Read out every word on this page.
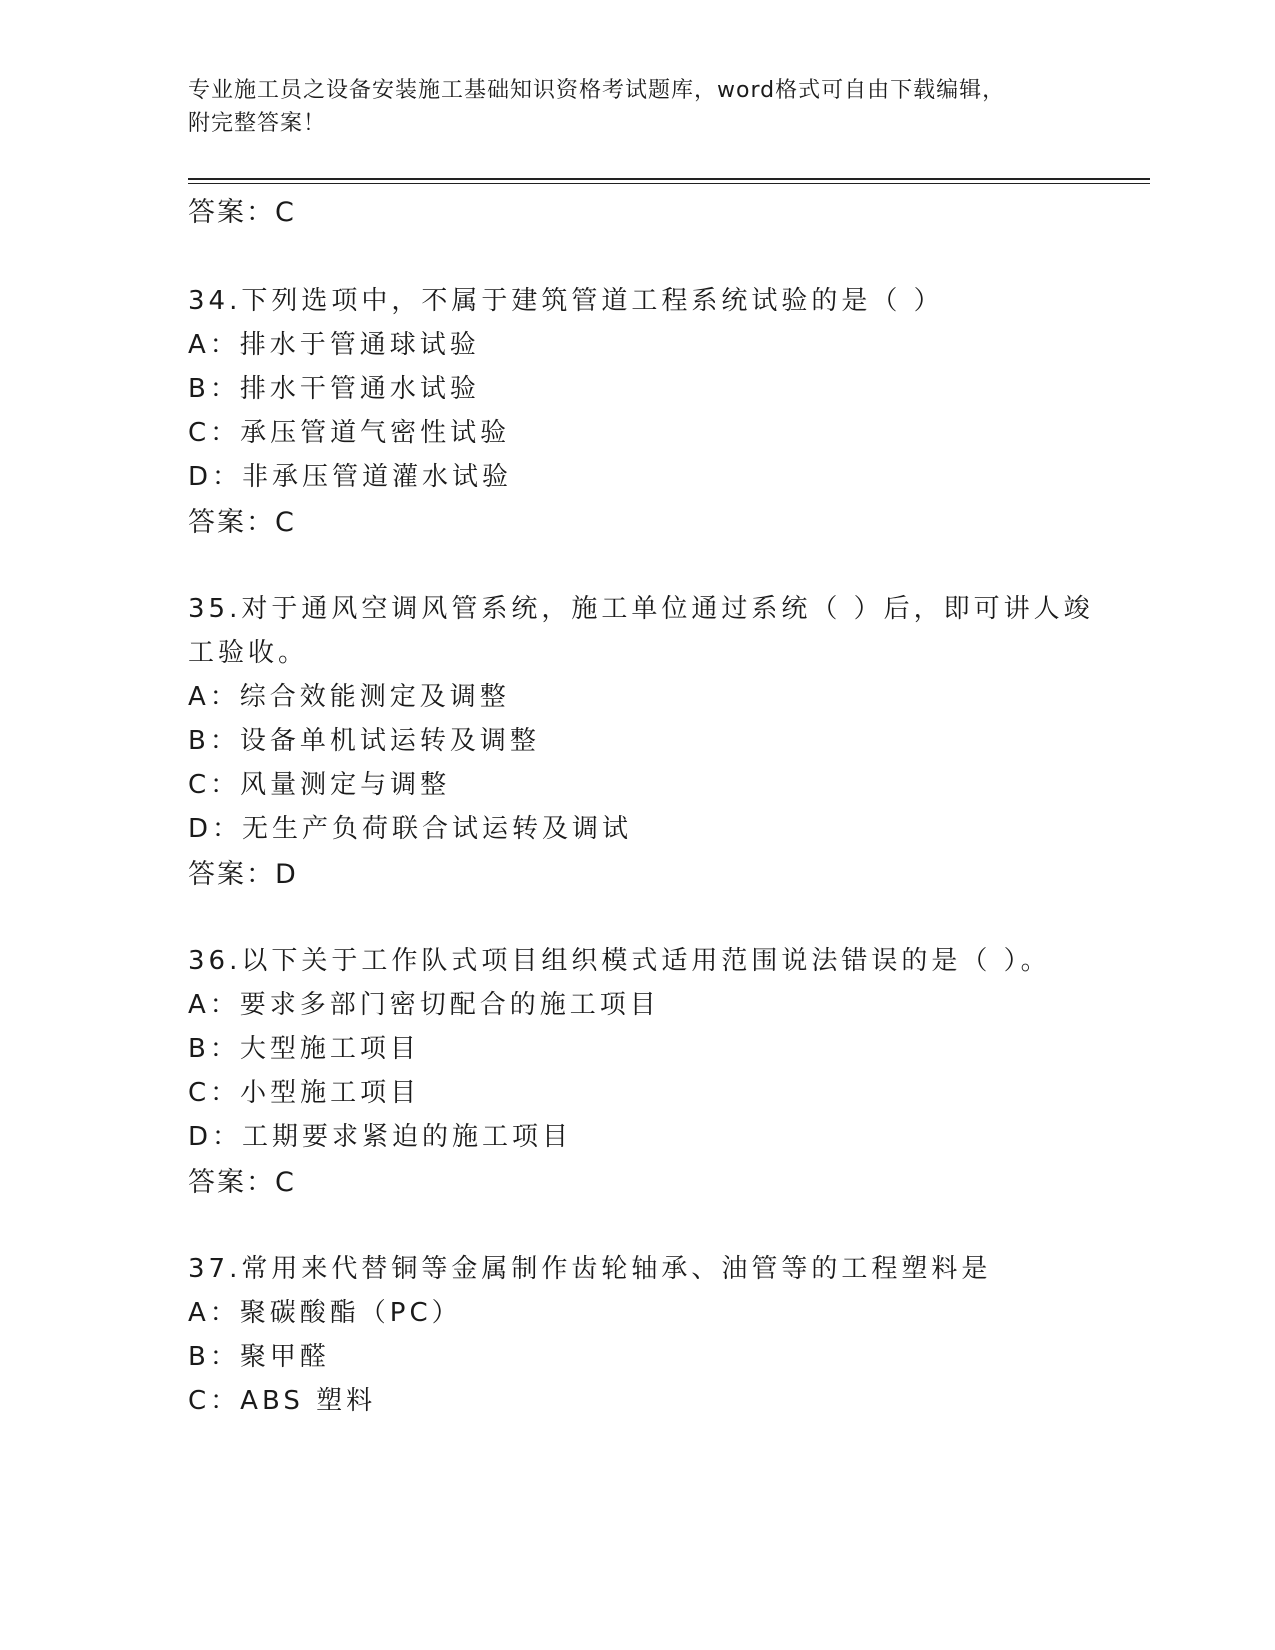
专业施工员之设备安装施工基础知识资格考试题库，word格式可自由下载编辑，
附完整答案！

答案：C

34.下列选项中，不属于建筑管道工程系统试验的是（ ）

A：排水于管通球试验

B：排水干管通水试验

C：承压管道气密性试验

D：非承压管道灌水试验

答案：C

35.对于通风空调风管系统，施工单位通过系统（ ）后，即可讲人竣

工验收。

A：综合效能测定及调整

B：设备单机试运转及调整

C：风量测定与调整

D：无生产负荷联合试运转及调试

答案：D

36.以下关于工作队式项目组织模式适用范围说法错误的是（ ）。

A：要求多部门密切配合的施工项目

B：大型施工项目

C：小型施工项目

D：工期要求紧迫的施工项目

答案：C

37.常用来代替铜等金属制作齿轮轴承、油管等的工程塑料是

A：聚碳酸酯（PC）

B：聚甲醛

C：ABS 塑料
